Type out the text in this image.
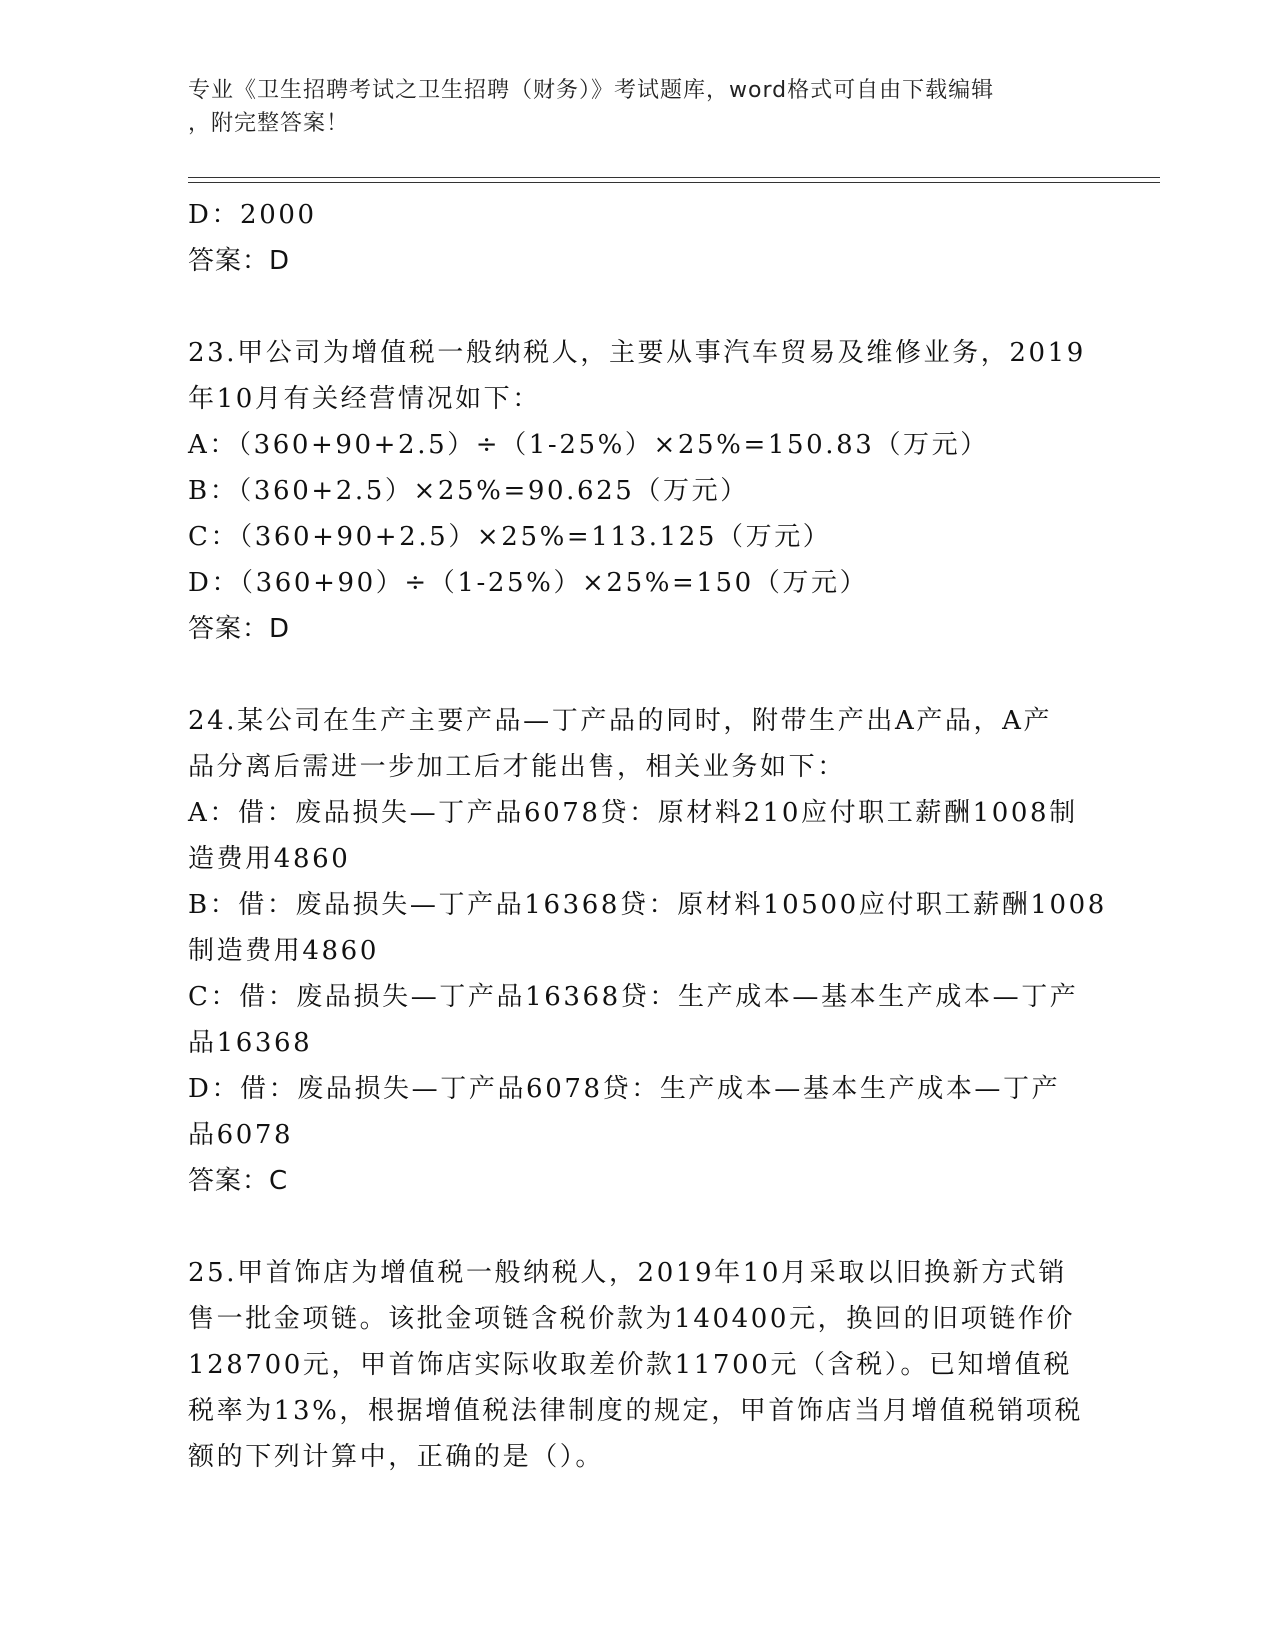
专业《卫生招聘考试之卫生招聘（财务）》考试题库，word格式可自由下载编辑
，附完整答案！
D：2000
答案：D
23.甲公司为增值税一般纳税人，主要从事汽车贸易及维修业务，2019
年10月有关经营情况如下：
A：（360+90+2.5）÷（1-25%）×25%=150.83（万元）
B：（360+2.5）×25%=90.625（万元）
C：（360+90+2.5）×25%=113.125（万元）
D：（360+90）÷（1-25%）×25%=150（万元）
答案：D
24.某公司在生产主要产品—丁产品的同时，附带生产出A产品，A产
品分离后需进一步加工后才能出售，相关业务如下：
A：借：废品损失—丁产品6078贷：原材料210应付职工薪酬1008制
造费用4860
B：借：废品损失—丁产品16368贷：原材料10500应付职工薪酬1008
制造费用4860
C：借：废品损失—丁产品16368贷：生产成本—基本生产成本—丁产
品16368
D：借：废品损失—丁产品6078贷：生产成本—基本生产成本—丁产
品6078
答案：C
25.甲首饰店为增值税一般纳税人，2019年10月采取以旧换新方式销
售一批金项链。该批金项链含税价款为140400元，换回的旧项链作价
128700元，甲首饰店实际收取差价款11700元（含税）。已知增值税
税率为13%，根据增值税法律制度的规定，甲首饰店当月增值税销项税
额的下列计算中，正确的是（）。
